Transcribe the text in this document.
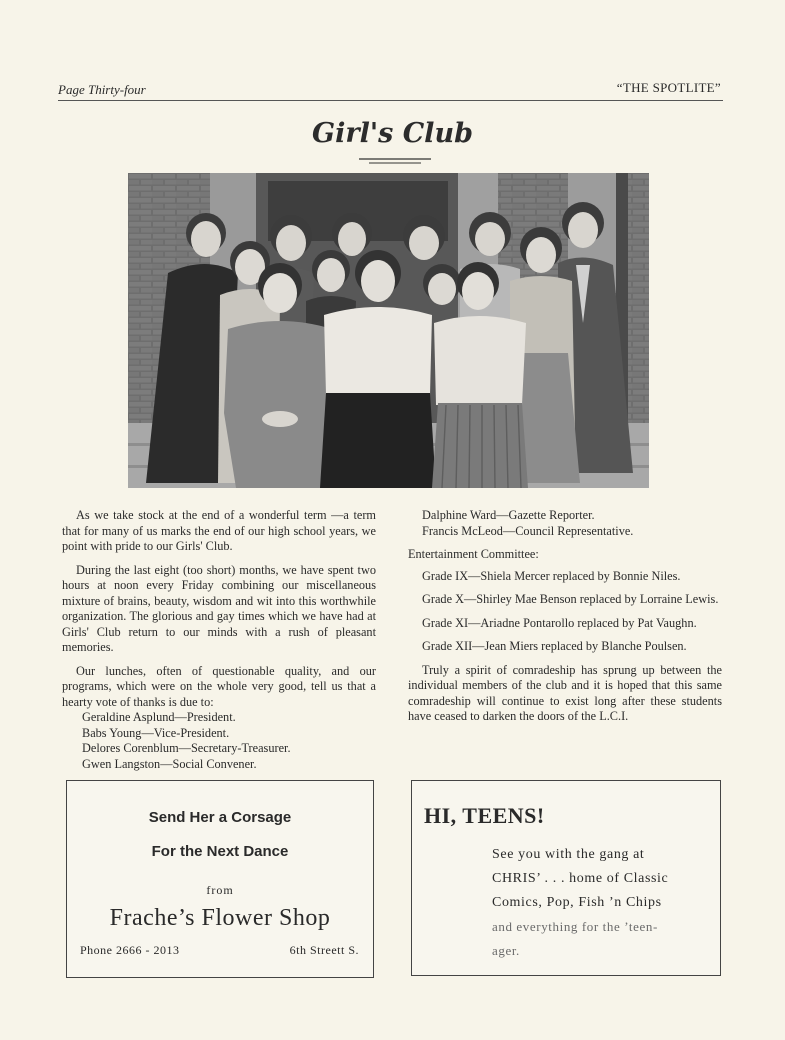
Page Thirty-four	“THE SPOTLITE”
Girl's Club

As we take stock at the end of a wonderful term —a term that for many of us marks the end of our high school years, we point with pride to our Girls' Club.

During the last eight (too short) months, we have spent two hours at noon every Friday combining our miscellaneous mixture of brains, beauty, wisdom and wit into this worthwhile organization. The glorious and gay times which we have had at Girls' Club return to our minds with a rush of pleasant memories.

Our lunches, often of questionable quality, and our programs, which were on the whole very good, tell us that a hearty vote of thanks is due to:

Geraldine Asplund—President.
Babs Young—Vice-President.
Delores Corenblum—Secretary-Treasurer.
Gwen Langston—Social Convener.
Dalphine Ward—Gazette Reporter.
Francis McLeod—Council Representative.
Entertainment Committee:
Grade IX—Shiela Mercer replaced by Bonnie Niles.
Grade X—Shirley Mae Benson replaced by Lorraine Lewis.
Grade XI—Ariadne Pontarollo replaced by Pat Vaughn.
Grade XII—Jean Miers replaced by Blanche Poulsen.

Truly a spirit of comradeship has sprung up between the individual members of the club and it is hoped that this same comradeship will continue to exist long after these students have ceased to darken the doors of the L.C.I.

Send Her a Corsage
For the Next Dance
from
Frache’s Flower Shop
Phone 2666 - 2013	6th Streett S.
HI, TEENS!
See you with the gang at
CHRIS’ . . . home of Classic
Comics, Pop, Fish ’n Chips
and everything for the ’teen-
ager.
